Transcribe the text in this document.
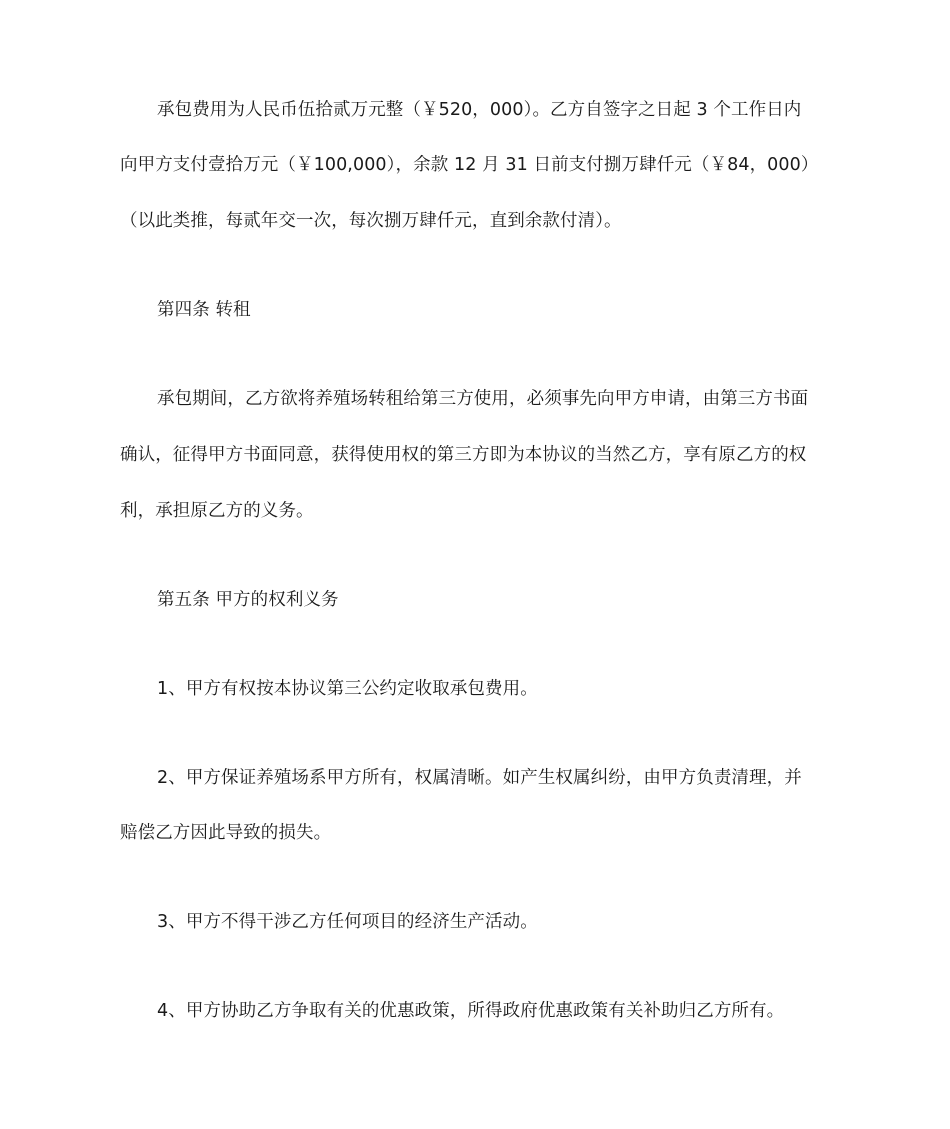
承包费用为人民币伍拾贰万元整（￥520，000）。乙方自签字之日起 3 个工作日内
向甲方支付壹拾万元（￥100,000），余款 12 月 31 日前支付捌万肆仟元（￥84，000）
（以此类推，每贰年交一次，每次捌万肆仟元，直到余款付清）。
第四条 转租
承包期间，乙方欲将养殖场转租给第三方使用，必须事先向甲方申请，由第三方书面
确认，征得甲方书面同意，获得使用权的第三方即为本协议的当然乙方，享有原乙方的权
利，承担原乙方的义务。
第五条 甲方的权利义务
1、甲方有权按本协议第三公约定收取承包费用。
2、甲方保证养殖场系甲方所有，权属清晰。如产生权属纠纷，由甲方负责清理，并
赔偿乙方因此导致的损失。
3、甲方不得干涉乙方任何项目的经济生产活动。
4、甲方协助乙方争取有关的优惠政策，所得政府优惠政策有关补助归乙方所有。
